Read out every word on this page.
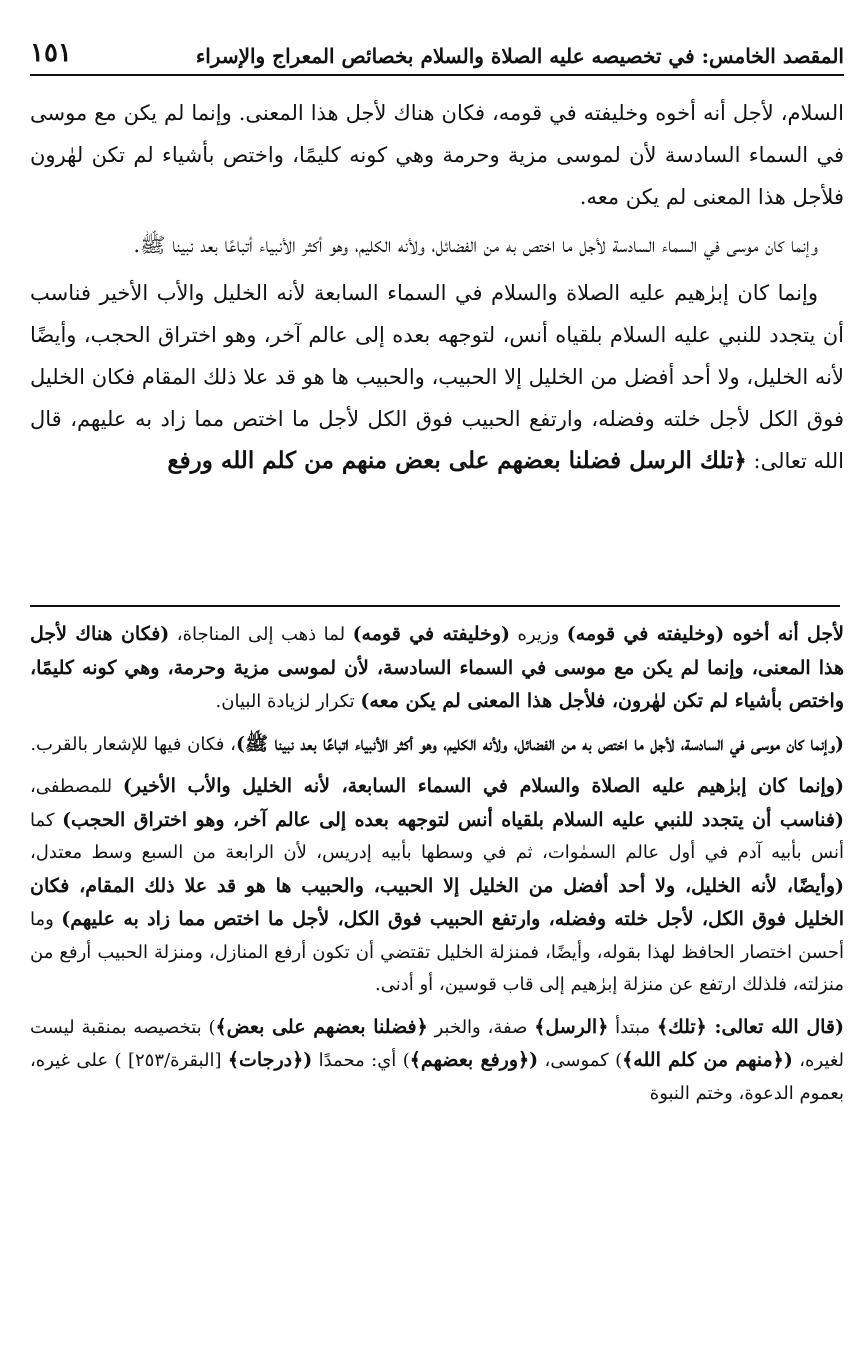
المقصد الخامس: في تخصيصه عليه الصلاة والسلام بخصائص المعراج والإسراء
١٥١

السلام، لأجل أنه أخوه وخليفته في قومه، فكان هناك لأجل هذا المعنى. وإنما لم يكن مع موسى في السماء السادسة لأن لموسى مزية وحرمة وهي كونه كليمًا، واختص بأشياء لم تكن لهٰرون فلأجل هذا المعنى لم يكن معه.

وإنما كان موسى في السماء السادسة لأجل ما اختص به من الفضائل، ولأنه الكليم، وهو أكثر الأنبياء أتباعًا بعد نبينا ﷺ.

وإنما كان إبرٰهيم عليه الصلاة والسلام في السماء السابعة لأنه الخليل والأب الأخير فناسب أن يتجدد للنبي عليه السلام بلقياه أنس، لتوجهه بعده إلى عالم آخر، وهو اختراق الحجب، وأيضًا لأنه الخليل، ولا أحد أفضل من الخليل إلا الحبيب، والحبيب ها هو قد علا ذلك المقام فكان الخليل فوق الكل لأجل خلته وفضله، وارتفع الحبيب فوق الكل لأجل ما اختص مما زاد به عليهم، قال الله تعالى: ﴿تلك الرسل فضلنا بعضهم على بعض منهم من كلم الله ورفع

لأجل أنه أخوه (وخليفته في قومه) وزيره (وخليفته في قومه) لما ذهب إلى المناجاة، (فكان هناك لأجل هذا المعنى، وإنما لم يكن مع موسى في السماء السادسة، لأن لموسى مزية وحرمة، وهي كونه كليمًا، واختص بأشياء لم تكن لهٰرون، فلأجل هذا المعنى لم يكن معه) تكرار لزيادة البيان.

(وإنما كان موسى في السادسة، لأجل ما اختص به من الفضائل، ولأنه الكليم، وهو أكثر الأنبياء اتباعًا بعد نبينا ﷺ)، فكان فيها للإشعار بالقرب.

(وإنما كان إبرٰهيم عليه الصلاة والسلام في السماء السابعة، لأنه الخليل والأب الأخير) للمصطفى، (فناسب أن يتجدد للنبي عليه السلام بلقياه أنس لتوجهه بعده إلى عالم آخر، وهو اختراق الحجب) كما أنس بأبيه آدم في أول عالم السمٰوات، ثم في وسطها بأبيه إدريس، لأن الرابعة من السبع وسط معتدل، (وأيضًا، لأنه الخليل، ولا أحد أفضل من الخليل إلا الحبيب، والحبيب ها هو قد علا ذلك المقام، فكان الخليل فوق الكل، لأجل خلته وفضله، وارتفع الحبيب فوق الكل، لأجل ما اختص مما زاد به عليهم) وما أحسن اختصار الحافظ لهذا بقوله، وأيضًا، فمنزلة الخليل تقتضي أن تكون أرفع المنازل، ومنزلة الحبيب أرفع من منزلته، فلذلك ارتفع عن منزلة إبرٰهيم إلى قاب قوسين، أو أدنى.

(قال الله تعالى: ﴿تلك﴾ مبتدأ ﴿الرسل﴾ صفة، والخبر ﴿فضلنا بعضهم على بعض﴾) بتخصيصه بمنقبة ليست لغيره، (﴿منهم من كلم الله﴾) كموسى، (﴿ورفع بعضهم﴾) أي: محمدًا (﴿درجات﴾ [البقرة/٢٥٣] ) على غيره، بعموم الدعوة، وختم النبوة
